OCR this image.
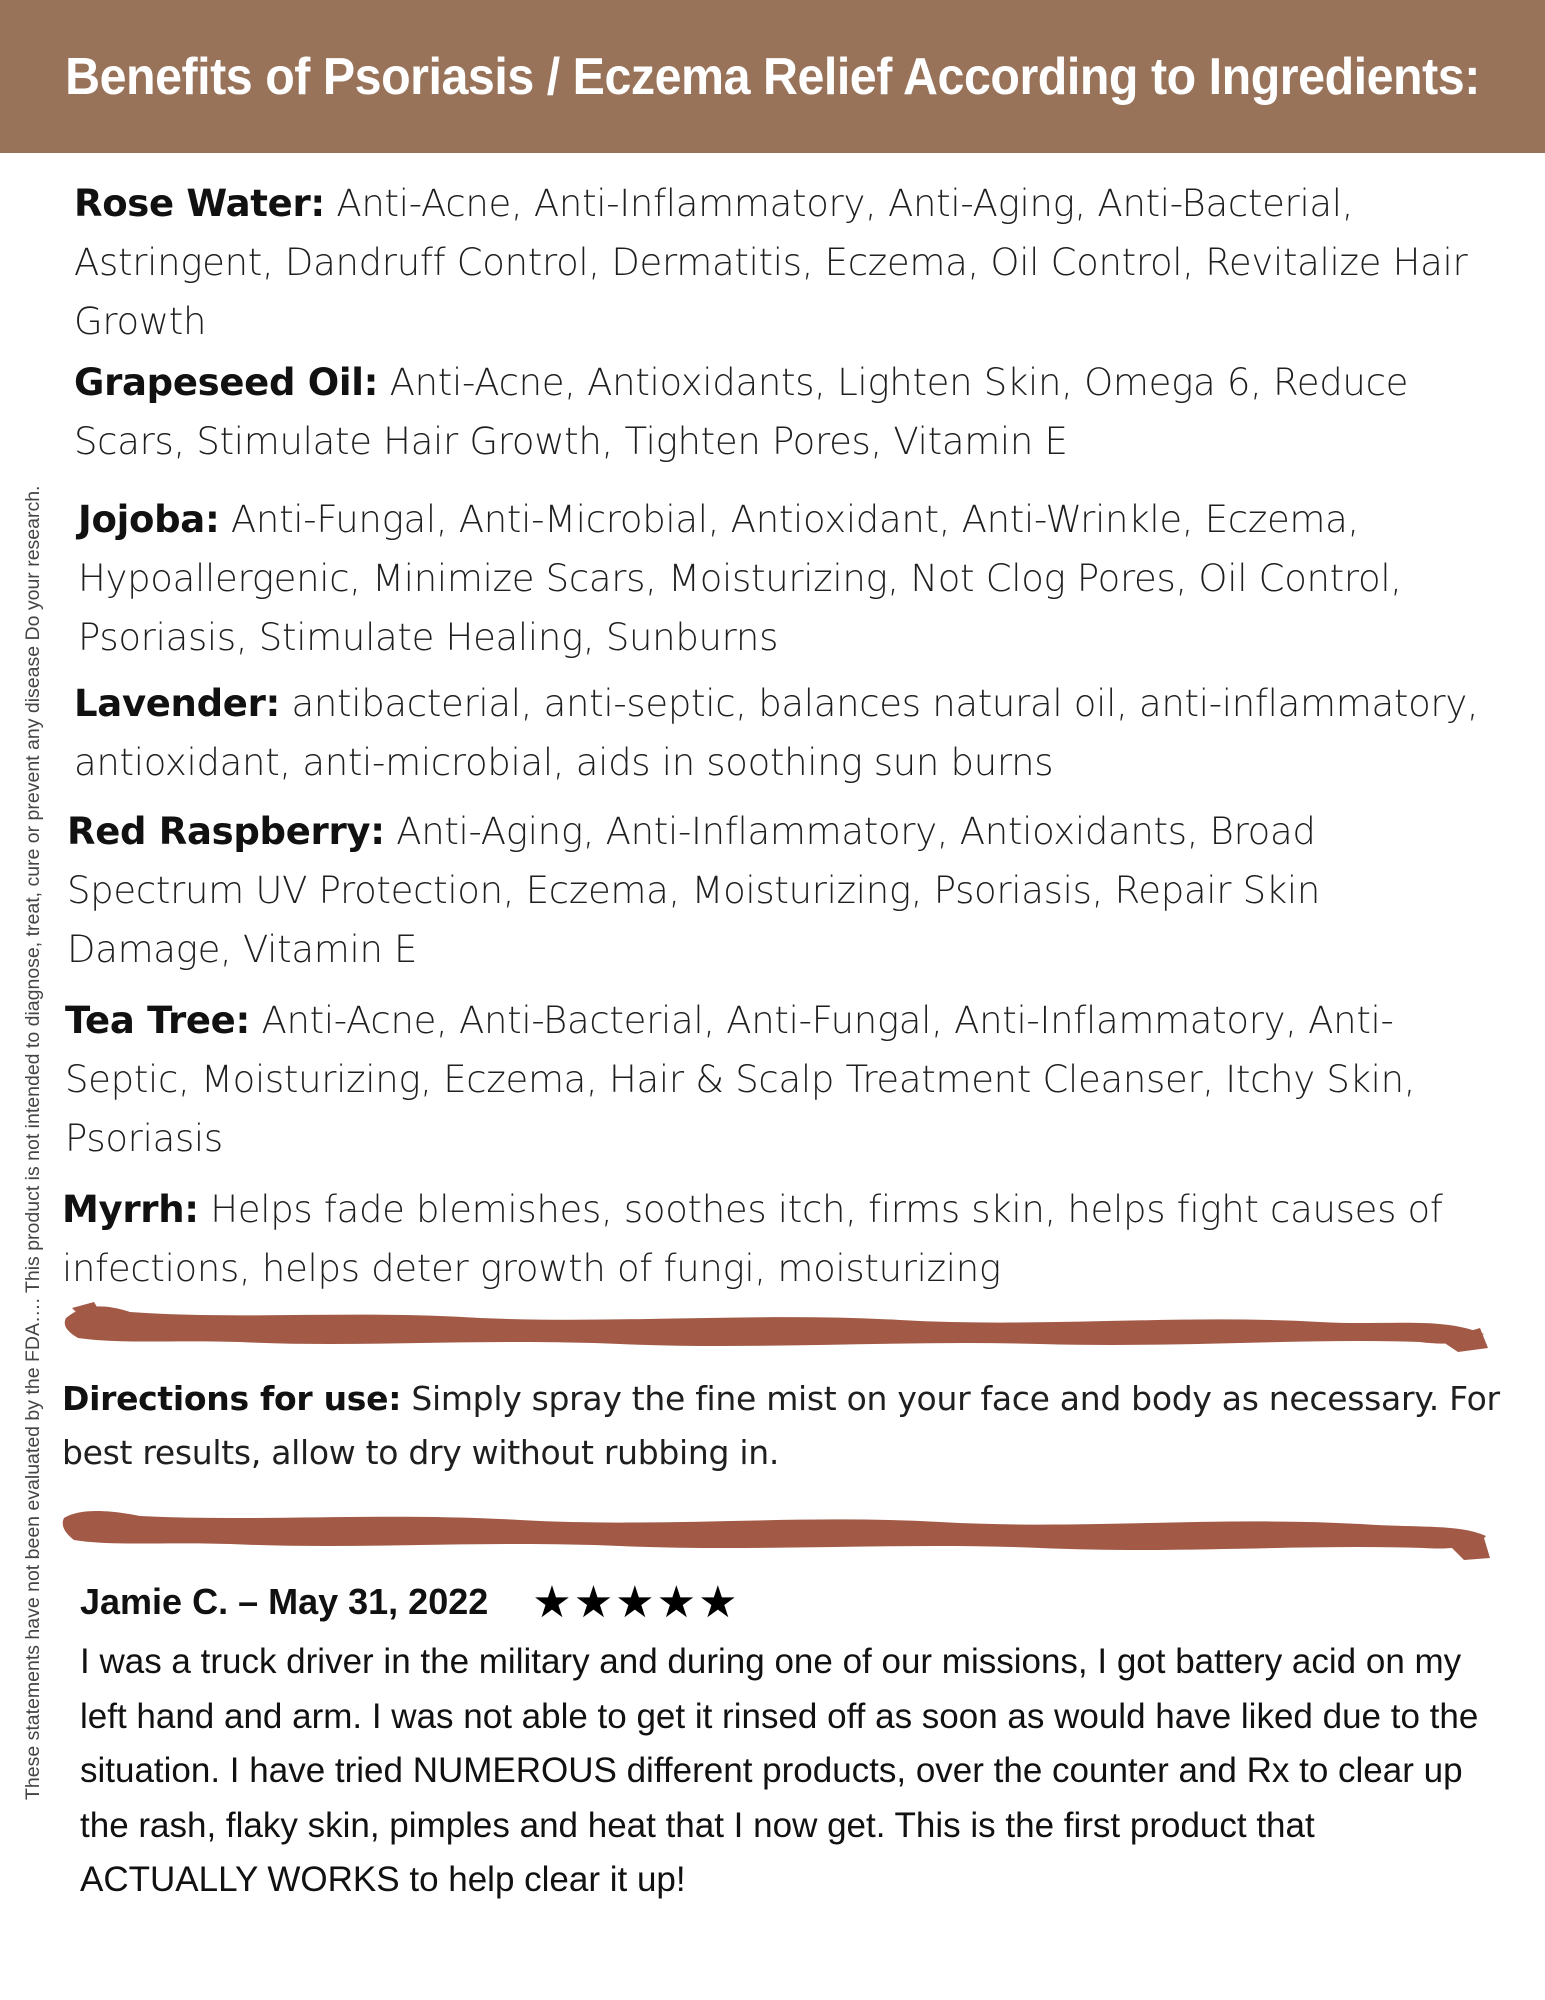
Benefits of Psoriasis / Eczema Relief According to Ingredients:
These statements have not been evaluated by the FDA…. This product is not intended to diagnose, treat, cure or prevent any disease Do your research.
Rose Water: Anti-Acne, Anti-Inflammatory, Anti-Aging, Anti-Bacterial, Astringent, Dandruff Control, Dermatitis, Eczema, Oil Control, Revitalize Hair Growth
Grapeseed Oil: Anti-Acne, Antioxidants, Lighten Skin, Omega 6, Reduce Scars, Stimulate Hair Growth, Tighten Pores, Vitamin E
Jojoba: Anti-Fungal, Anti-Microbial, Antioxidant, Anti-Wrinkle, Eczema, Hypoallergenic, Minimize Scars, Moisturizing, Not Clog Pores, Oil Control, Psoriasis, Stimulate Healing, Sunburns
Lavender: antibacterial, anti-septic, balances natural oil, anti-inflammatory, antioxidant, anti-microbial, aids in soothing sun burns
Red Raspberry: Anti-Aging, Anti-Inflammatory, Antioxidants, Broad Spectrum UV Protection, Eczema, Moisturizing, Psoriasis, Repair Skin Damage, Vitamin E
Tea Tree: Anti-Acne, Anti-Bacterial, Anti-Fungal, Anti-Inflammatory, Anti-Septic, Moisturizing, Eczema, Hair & Scalp Treatment Cleanser, Itchy Skin, Psoriasis
Myrrh: Helps fade blemishes, soothes itch, firms skin, helps fight causes of infections, helps deter growth of fungi, moisturizing
Directions for use: Simply spray the fine mist on your face and body as necessary. For best results, allow to dry without rubbing in.
Jamie C. – May 31, 2022 ★★★★★
I was a truck driver in the military and during one of our missions, I got battery acid on my left hand and arm. I was not able to get it rinsed off as soon as would have liked due to the situation. I have tried NUMEROUS different products, over the counter and Rx to clear up the rash, flaky skin, pimples and heat that I now get. This is the first product that ACTUALLY WORKS to help clear it up!
